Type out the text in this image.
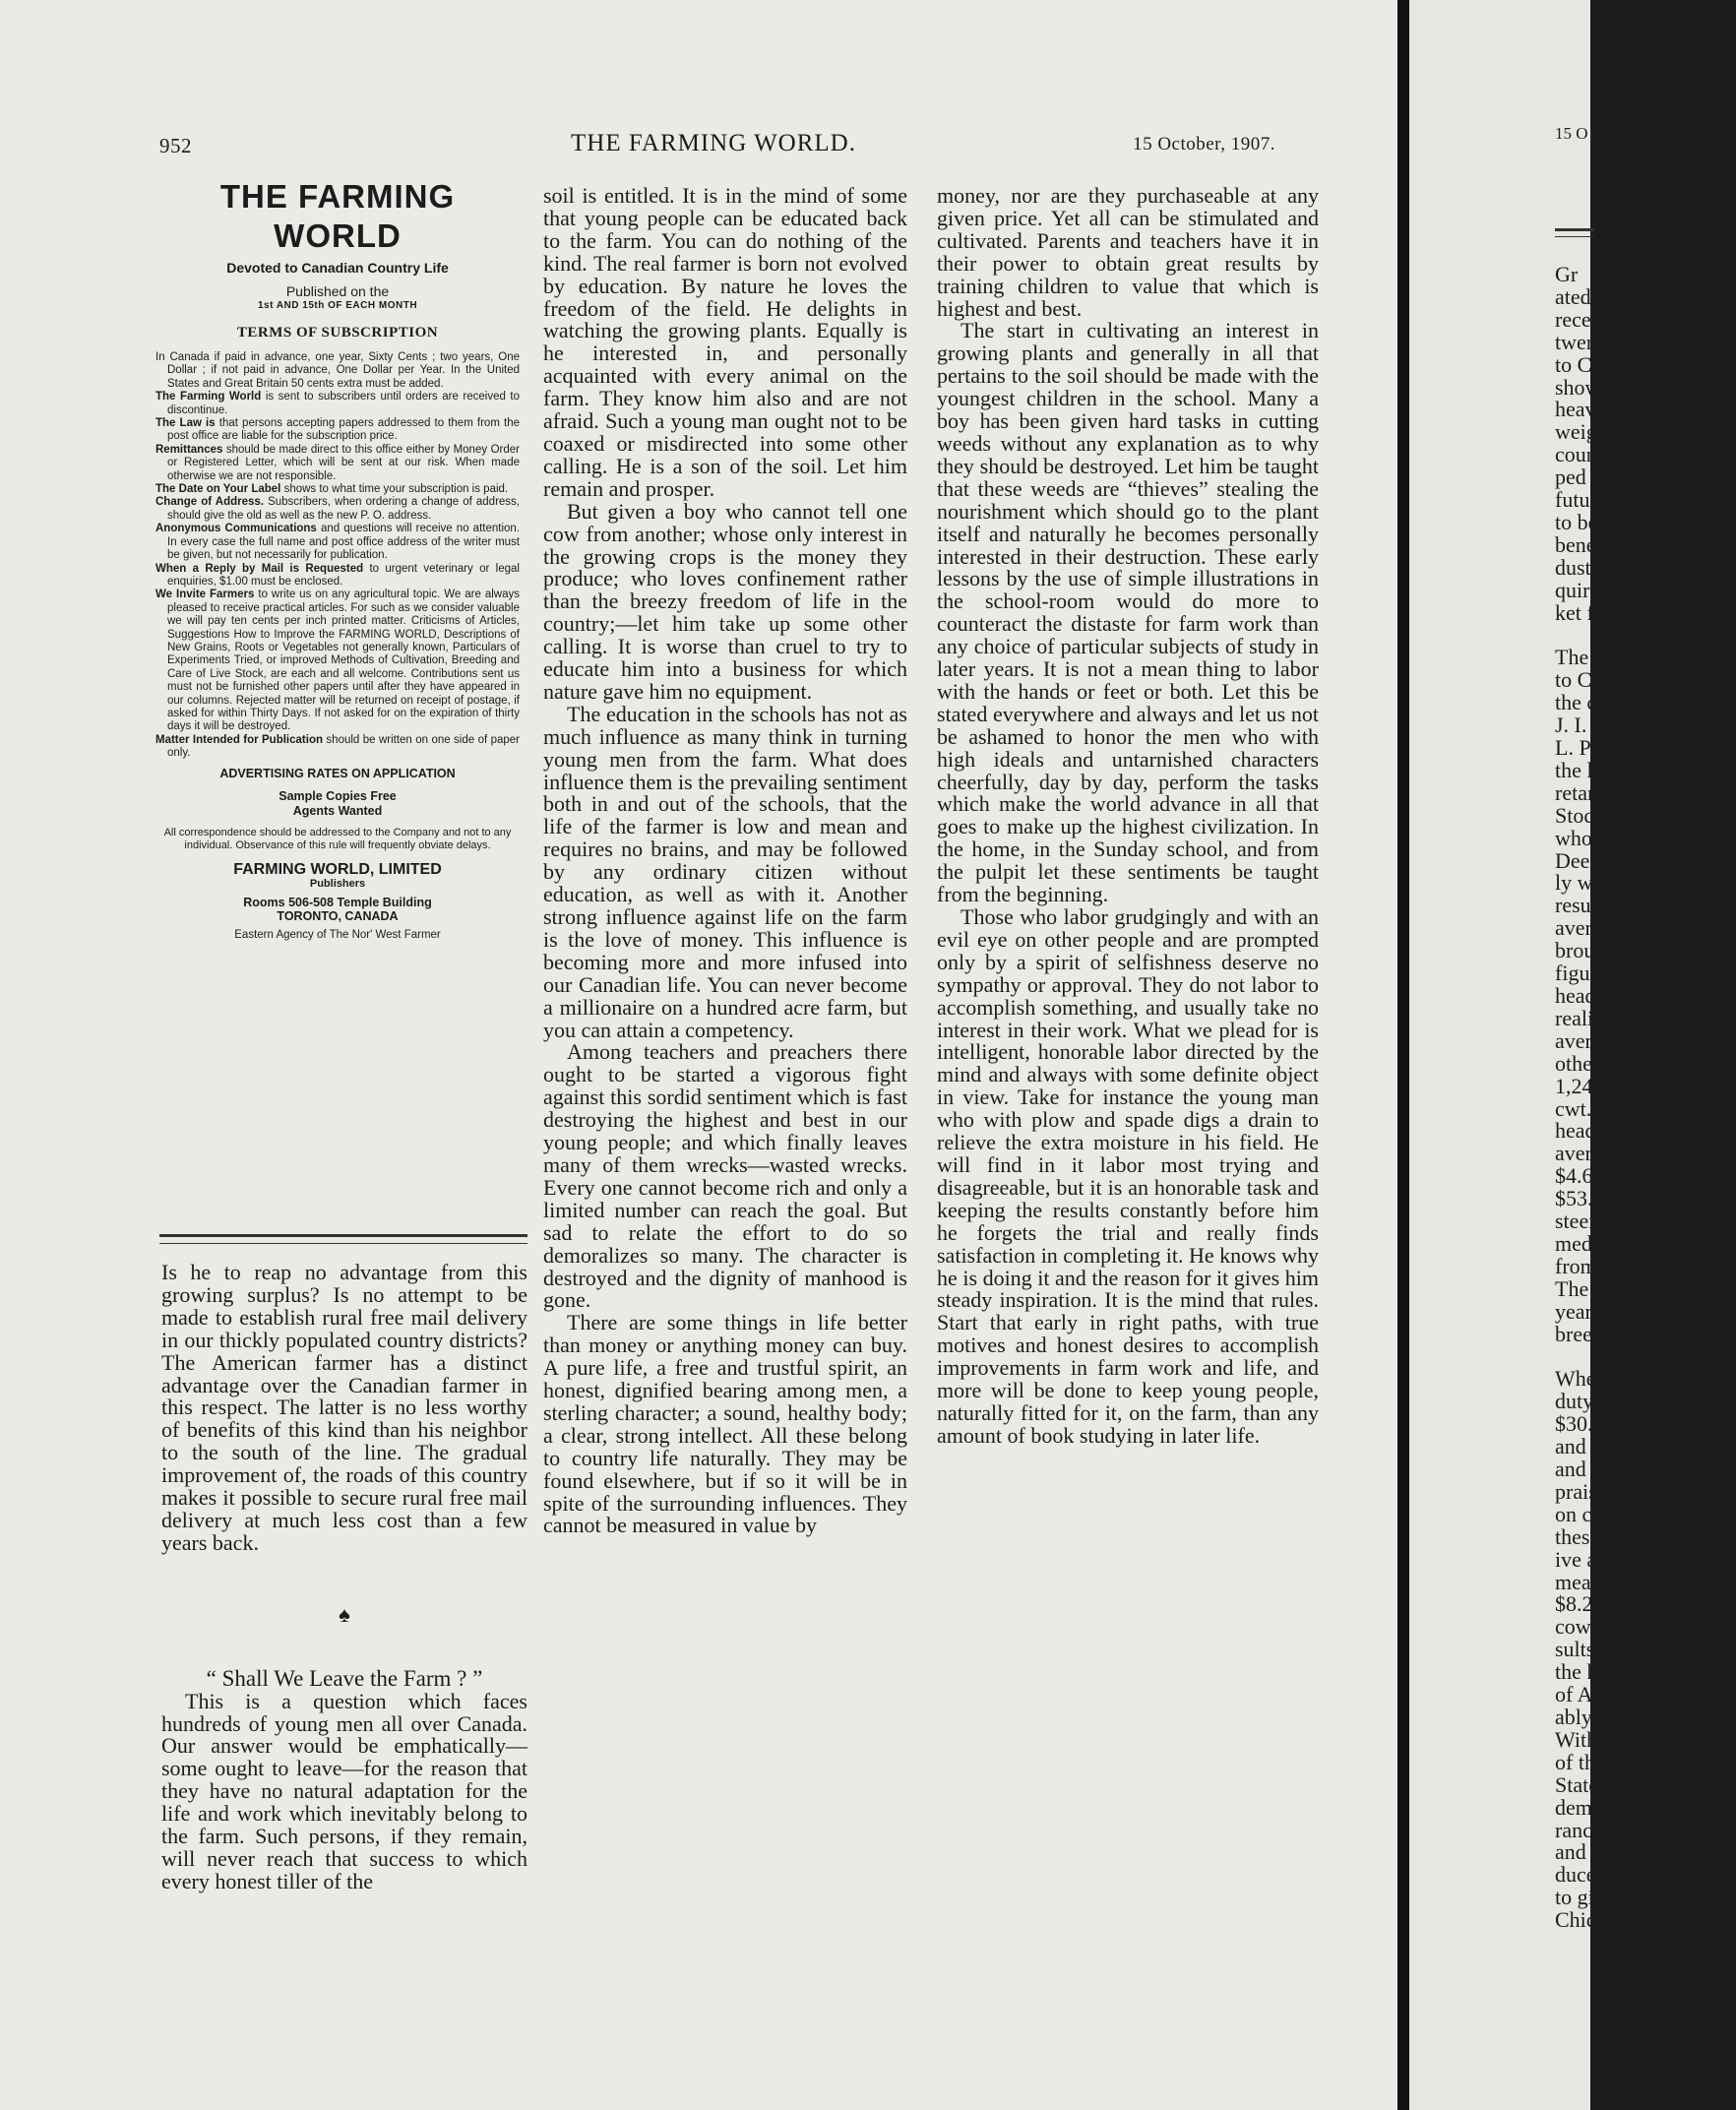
952	THE FARMING WORLD.	15 October, 1907.
THE FARMING WORLD
Devoted to Canadian Country Life
Published on the
1st AND 15th OF EACH MONTH
TERMS OF SUBSCRIPTION

In Canada if paid in advance, one year, Sixty Cents ; two years, One Dollar ; if not paid in advance, One Dollar per Year. In the United States and Great Britain 50 cents extra must be added.

The Farming World is sent to subscribers until orders are received to discontinue.

The Law is that persons accepting papers addressed to them from the post office are liable for the subscription price.

Remittances should be made direct to this office either by Money Order or Registered Letter, which will be sent at our risk. When made otherwise we are not responsible.

The Date on Your Label shows to what time your subscription is paid.

Change of Address. Subscribers, when ordering a change of address, should give the old as well as the new P. O. address.

Anonymous Communications and questions will receive no attention. In every case the full name and post office address of the writer must be given, but not necessarily for publication.

When a Reply by Mail is Requested to urgent veterinary or legal enquiries, $1.00 must be enclosed.

We Invite Farmers to write us on any agricultural topic. We are always pleased to receive practical articles. For such as we consider valuable we will pay ten cents per inch printed matter. Criticisms of Articles, Suggestions How to Improve the FARMING WORLD, Descriptions of New Grains, Roots or Vegetables not generally known, Particulars of Experiments Tried, or improved Methods of Cultivation, Breeding and Care of Live Stock, are each and all welcome. Contributions sent us must not be furnished other papers until after they have appeared in our columns. Rejected matter will be returned on receipt of postage, if asked for within Thirty Days. If not asked for on the expiration of thirty days it will be destroyed.

Matter Intended for Publication should be written on one side of paper only.

ADVERTISING RATES ON APPLICATION
Sample Copies Free
Agents Wanted
All correspondence should be addressed to the Company and not to any individual. Observance of this rule will frequently obviate delays.
FARMING WORLD, LIMITED
Publishers
Rooms 506-508 Temple Building
TORONTO, CANADA
Eastern Agency of The Nor' West Farmer

Is he to reap no advantage from this growing surplus? Is no attempt to be made to establish rural free mail delivery in our thickly populated country districts? The American farmer has a distinct advantage over the Canadian farmer in this respect. The latter is no less worthy of benefits of this kind than his neighbor to the south of the line. The gradual improvement of, the roads of this country makes it possible to secure rural free mail delivery at much less cost than a few years back.

♠

“ Shall We Leave the Farm ? ”

This is a question which faces hundreds of young men all over Canada. Our answer would be emphatically—some ought to leave—for the reason that they have no natural adaptation for the life and work which inevitably belong to the farm. Such persons, if they remain, will never reach that success to which every honest tiller of the

soil is entitled. It is in the mind of some that young people can be educated back to the farm. You can do nothing of the kind. The real farmer is born not evolved by education. By nature he loves the freedom of the field. He delights in watching the growing plants. Equally is he interested in, and personally acquainted with every animal on the farm. They know him also and are not afraid. Such a young man ought not to be coaxed or misdirected into some other calling. He is a son of the soil. Let him remain and prosper.

But given a boy who cannot tell one cow from another; whose only interest in the growing crops is the money they produce; who loves confinement rather than the breezy freedom of life in the country;—let him take up some other calling. It is worse than cruel to try to educate him into a business for which nature gave him no equipment.

The education in the schools has not as much influence as many think in turning young men from the farm. What does influence them is the prevailing sentiment both in and out of the schools, that the life of the farmer is low and mean and requires no brains, and may be followed by any ordinary citizen without education, as well as with it. Another strong influence against life on the farm is the love of money. This influence is becoming more and more infused into our Canadian life. You can never become a millionaire on a hundred acre farm, but you can attain a competency.

Among teachers and preachers there ought to be started a vigorous fight against this sordid sentiment which is fast destroying the highest and best in our young people; and which finally leaves many of them wrecks—wasted wrecks. Every one cannot become rich and only a limited number can reach the goal. But sad to relate the effort to do so demoralizes so many. The character is destroyed and the dignity of manhood is gone.

There are some things in life better than money or anything money can buy. A pure life, a free and trustful spirit, an honest, dignified bearing among men, a sterling character; a sound, healthy body; a clear, strong intellect. All these belong to country life naturally. They may be found elsewhere, but if so it will be in spite of the surrounding influences. They cannot be measured in value by

money, nor are they purchaseable at any given price. Yet all can be stimulated and cultivated. Parents and teachers have it in their power to obtain great results by training children to value that which is highest and best.

The start in cultivating an interest in growing plants and generally in all that pertains to the soil should be made with the youngest children in the school. Many a boy has been given hard tasks in cutting weeds without any explanation as to why they should be destroyed. Let him be taught that these weeds are “thieves” stealing the nourishment which should go to the plant itself and naturally he becomes personally interested in their destruction. These early lessons by the use of simple illustrations in the school-room would do more to counteract the distaste for farm work than any choice of particular subjects of study in later years. It is not a mean thing to labor with the hands or feet or both. Let this be stated everywhere and always and let us not be ashamed to honor the men who with high ideals and untarnished characters cheerfully, day by day, perform the tasks which make the world advance in all that goes to make up the highest civilization. In the home, in the Sunday school, and from the pulpit let these sentiments be taught from the beginning.

Those who labor grudgingly and with an evil eye on other people and are prompted only by a spirit of selfishness deserve no sympathy or approval. They do not labor to accomplish something, and usually take no interest in their work. What we plead for is intelligent, honorable labor directed by the mind and always with some definite object in view. Take for instance the young man who with plow and spade digs a drain to relieve the extra moisture in his field. He will find in it labor most trying and disagreeable, but it is an honorable task and keeping the results constantly before him he forgets the trial and really finds satisfaction in completing it. He knows why he is doing it and the reason for it gives him steady inspiration. It is the mind that rules. Start that early in right paths, with true motives and honest desires to accomplish improvements in farm work and life, and more will be done to keep young people, naturally fitted for it, on the farm, than any amount of book studying in later life.

15 O
Gr
ated
recen
twen
to C
show
heav
weig
coun
ped t
futur
to be
benef
dustr
quire
ket f
The
to Cl
the c
J. I.
L. Po
the la
retary
Stock
whose
Deer.
ly we
result
averag
broug
figure
head,
realize
averag
other
1,245 p
cwt.,
head;
averag
$4.60 p
$53.34
steers
mediur
from $
The ca
year-ol
breedin
When
duty is
$30.00
and $
and tha
praisem
on cow
these fi
ive as r
means
$8.25 to
cows $9
sults of
the hea
of Alber
ably ma
With th
of the
States,
demand
ranchers
and this
ducemen
to give
Chicago
